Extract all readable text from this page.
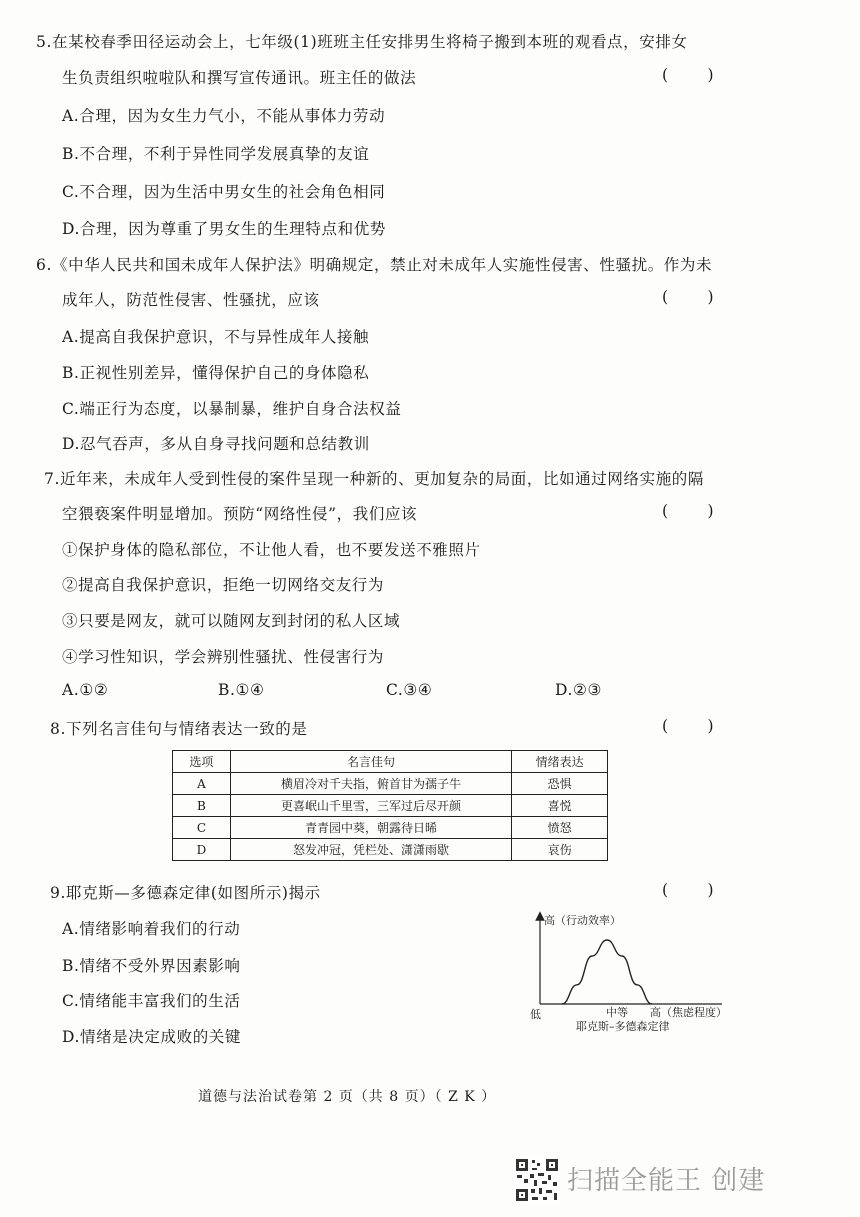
5.在某校春季田径运动会上，七年级(1)班班主任安排男生将椅子搬到本班的观看点，安排女
生负责组织啦啦队和撰写宣传通讯。班主任的做法	(        )
A.合理，因为女生力气小，不能从事体力劳动
B.不合理，不利于异性同学发展真挚的友谊
C.不合理，因为生活中男女生的社会角色相同
D.合理，因为尊重了男女生的生理特点和优势
6.《中华人民共和国未成年人保护法》明确规定，禁止对未成年人实施性侵害、性骚扰。作为未
成年人，防范性侵害、性骚扰，应该	(        )
A.提高自我保护意识，不与异性成年人接触
B.正视性别差异，懂得保护自己的身体隐私
C.端正行为态度，以暴制暴，维护自身合法权益
D.忍气吞声，多从自身寻找问题和总结教训
7.近年来，未成年人受到性侵的案件呈现一种新的、更加复杂的局面，比如通过网络实施的隔
空猥亵案件明显增加。预防“网络性侵”，我们应该	(        )
①保护身体的隐私部位，不让他人看，也不要发送不雅照片
②提高自我保护意识，拒绝一切网络交友行为
③只要是网友，就可以随网友到封闭的私人区域
④学习性知识，学会辨别性骚扰、性侵害行为
A.①②	B.①④	C.③④	D.②③
8.下列名言佳句与情绪表达一致的是	(        )
选项	名言佳句	情绪表达
A	横眉冷对千夫指，俯首甘为孺子牛	恐惧
B	更喜岷山千里雪，三军过后尽开颜	喜悦
C	青青园中葵，朝露待日晞	愤怒
D	怒发冲冠，凭栏处、潇潇雨歇	哀伤
9.耶克斯—多德森定律(如图所示)揭示	(        )
A.情绪影响着我们的行动
B.情绪不受外界因素影响
C.情绪能丰富我们的生活
D.情绪是决定成败的关键
高（行动效率）
低	中等 高（焦虑程度）
耶克斯–多德森定律
道德与法治试卷第 2 页（共 8 页）（ Z K ）
扫描全能王 创建
